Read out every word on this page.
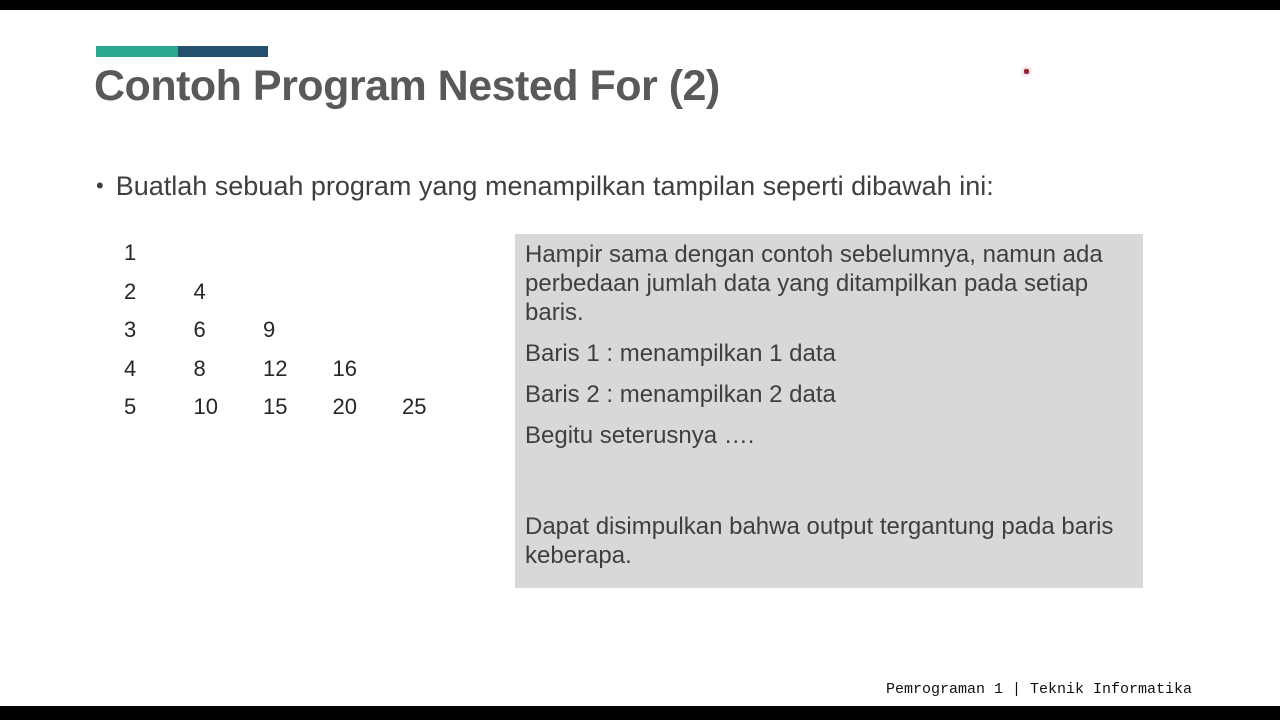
Contoh Program Nested For (2)
• Buatlah sebuah program yang menampilkan tampilan seperti dibawah ini:
1
2	4
3	6	9
4	8	12	16
5	10	15	20	25

Hampir sama dengan contoh sebelumnya, namun ada perbedaan jumlah data yang ditampilkan pada setiap baris.

Baris 1 : menampilkan 1 data

Baris 2 : menampilkan 2 data

Begitu seterusnya ….

Dapat disimpulkan bahwa output tergantung pada baris keberapa.

Pemrograman 1 | Teknik Informatika
